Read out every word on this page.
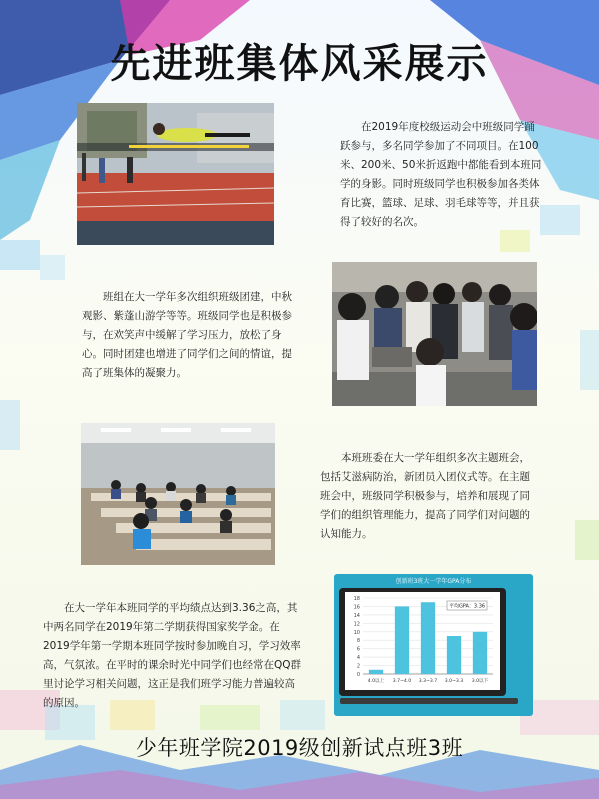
先进班集体风采展示

在2019年度校级运动会中班级同学踊跃参与，多名同学参加了不同项目。在100米、200米、50米折返跑中都能看到本班同学的身影。同时班级同学也积极参加各类体育比赛，篮球、足球、羽毛球等等，并且获得了较好的名次。

班组在大一学年多次组织班级团建，中秋观影、紫蓬山游学等等。班级同学也是积极参与，在欢笑声中缓解了学习压力，放松了身心。同时团建也增进了同学们之间的情谊，提高了班集体的凝聚力。

本班班委在大一学年组织多次主题班会，包括艾滋病防治，新团员入团仪式等。在主题班会中，班级同学积极参与，培养和展现了同学们的组织管理能力，提高了同学们对问题的认知能力。

在大一学年本班同学的平均绩点达到3.36之高，其中两名同学在2019年第二学期获得国家奖学金。在2019学年第一学期本班同学按时参加晚自习，学习效率高，气氛浓。在平时的课余时光中同学们也经常在QQ群里讨论学习相关问题，这正是我们班学习能力普遍较高的原因。

创新班3班大一学年GPA分布
0
2
4
6
8
10
12
14
16
18
4.0以上 3.7~4.0 3.3~3.7 3.0~3.3 3.0以下
平均GPA：3.36
少年班学院2019级创新试点班3班
